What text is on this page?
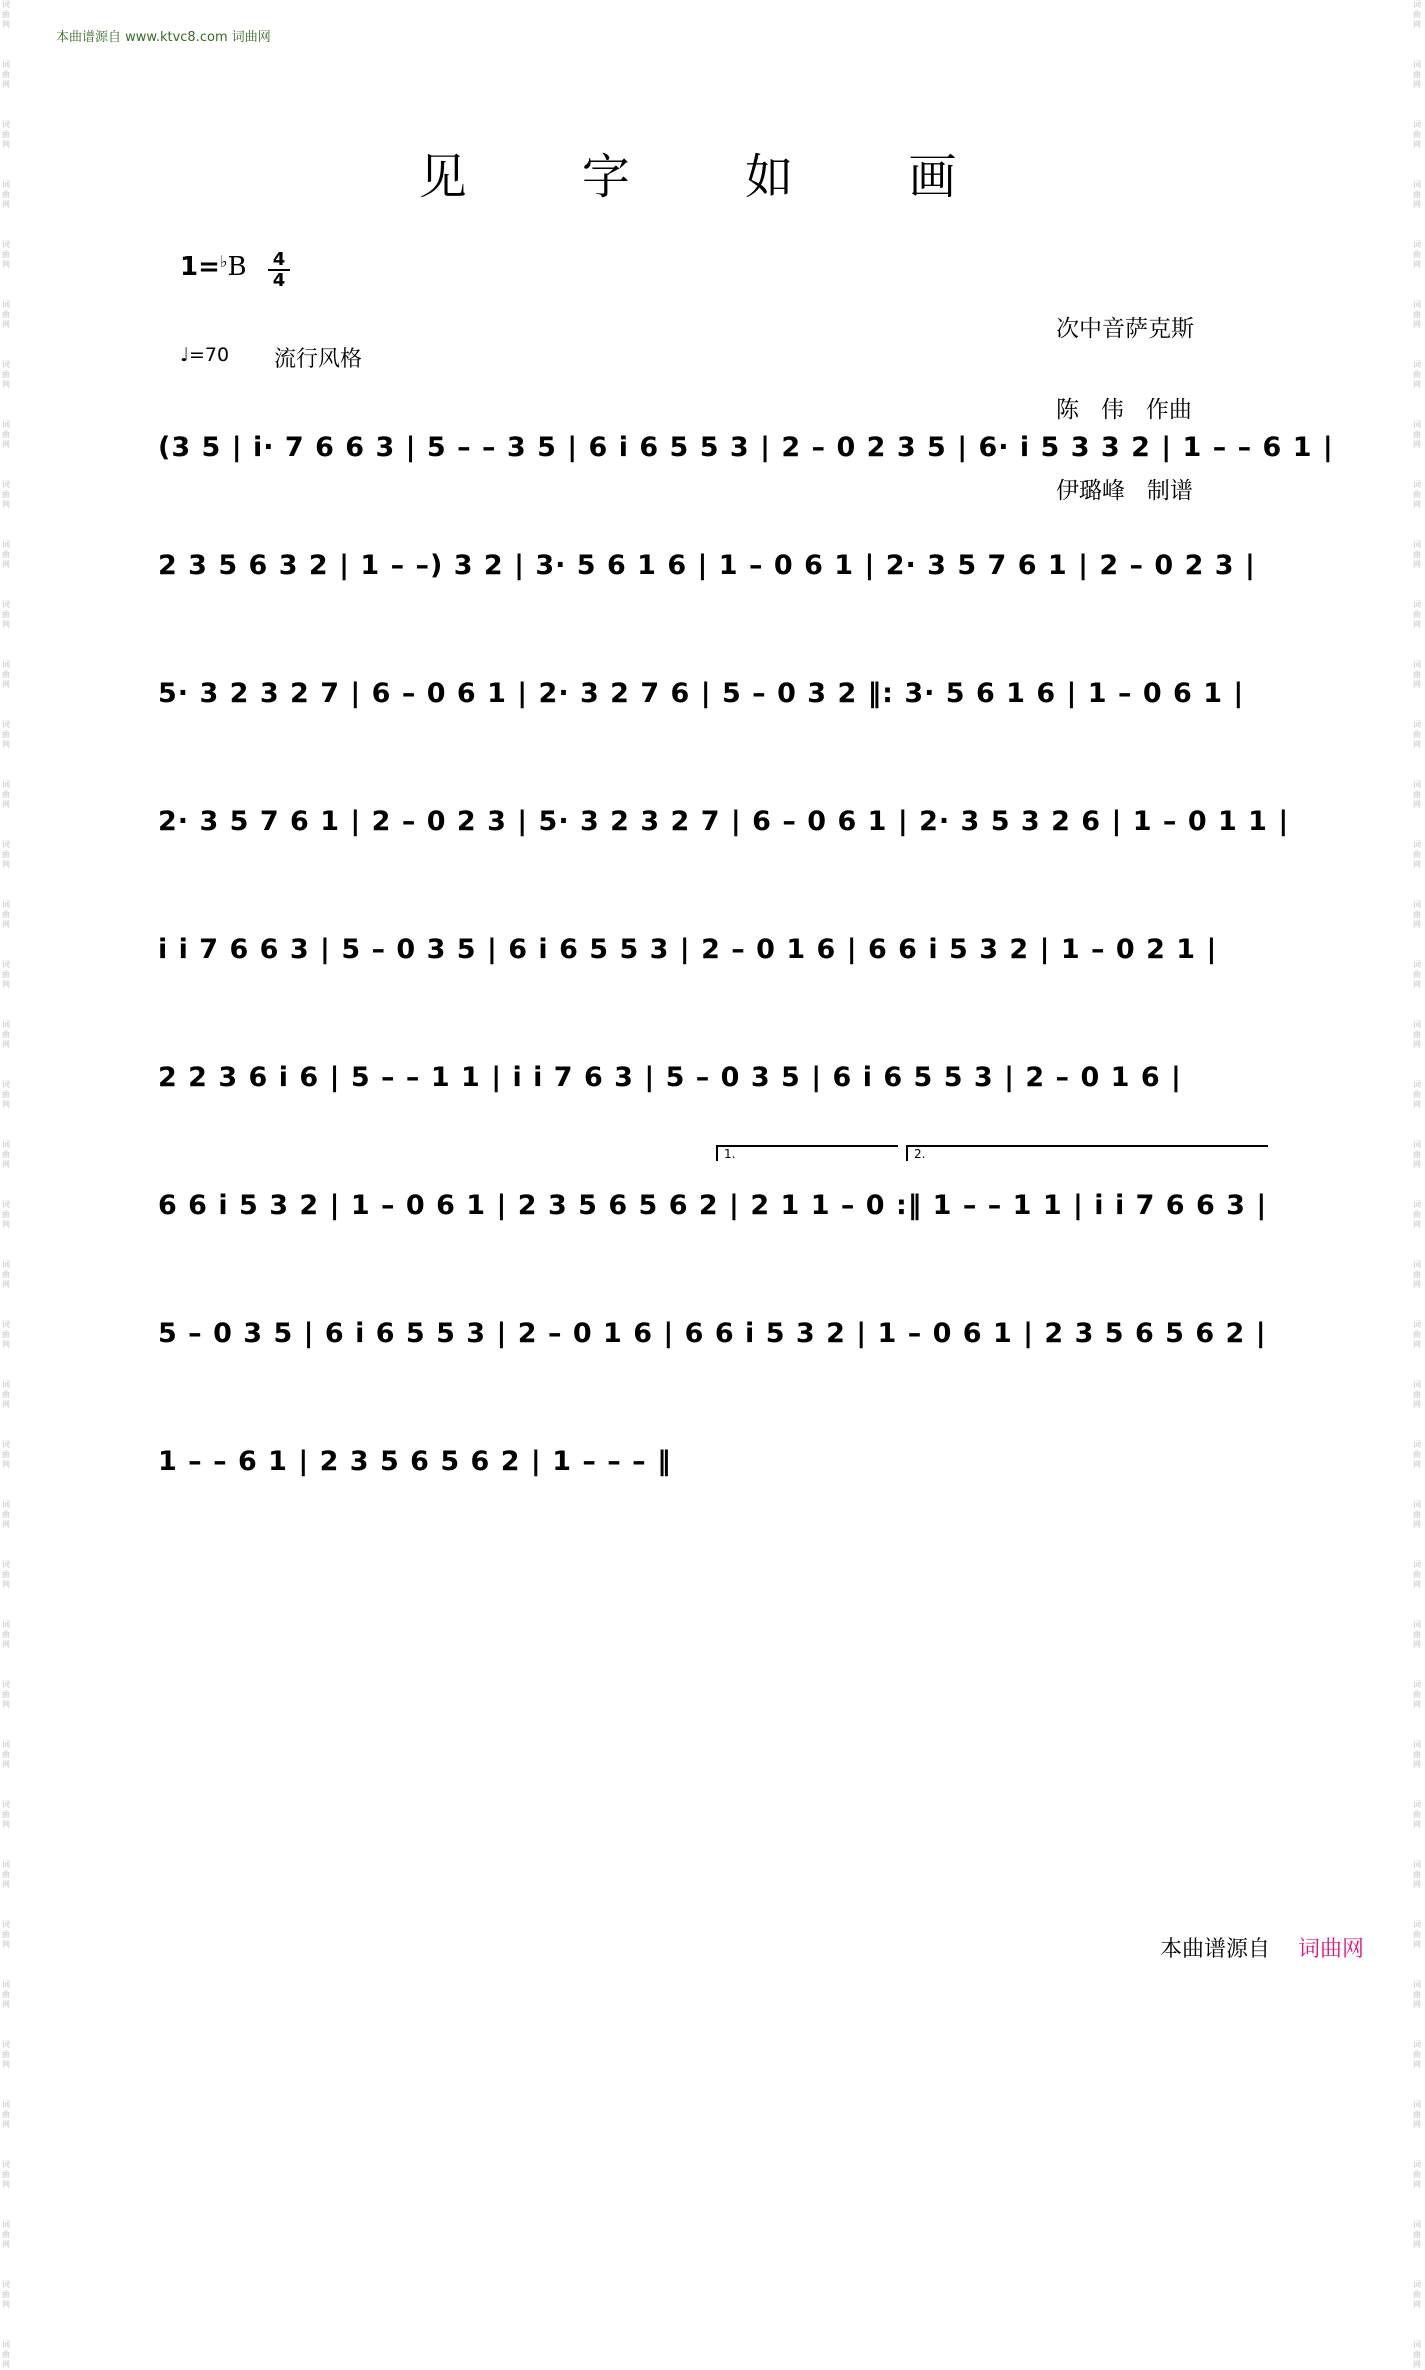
词曲网
词曲网
词曲网
词曲网
词曲网
词曲网
词曲网
词曲网
词曲网
词曲网
词曲网
词曲网
词曲网
词曲网
词曲网
词曲网
词曲网
词曲网
词曲网
词曲网
词曲网
词曲网
词曲网
词曲网
词曲网
词曲网
词曲网
词曲网
词曲网
词曲网
词曲网
词曲网
词曲网
词曲网
词曲网
词曲网
词曲网
词曲网
词曲网
词曲网
词曲网
词曲网
词曲网
词曲网
词曲网
词曲网
词曲网
词曲网
词曲网
词曲网
词曲网
词曲网
词曲网
词曲网
词曲网
词曲网
词曲网
词曲网
词曲网
词曲网
词曲网
词曲网
词曲网
词曲网
词曲网
词曲网
词曲网
词曲网
词曲网
词曲网
词曲网
词曲网
词曲网
词曲网
词曲网
词曲网
词曲网
词曲网
词曲网
词曲网
本曲谱源自 www.ktvc8.com 词曲网
见 字 如 画
1=♭B 4
4
♩=70 流行风格

次中音萨克斯

陈   伟   作曲

伊璐峰   制谱

(3 5 | i· 7 6 6 3 | 5 – – 3 5 | 6 i 6 5 5 3 | 2 – 0 2 3 5 | 6· i 5 3 3 2 | 1 – – 6 1 |
2 3 5 6 3 2 | 1 – –) 3 2 | 3· 5 6 1 6 | 1 – 0 6 1 | 2· 3 5 7 6 1 | 2 – 0 2 3 |
5· 3 2 3 2 7 | 6 – 0 6 1 | 2· 3 2 7 6 | 5 – 0 3 2 ‖: 3· 5 6 1 6 | 1 – 0 6 1 |
2· 3 5 7 6 1 | 2 – 0 2 3 | 5· 3 2 3 2 7 | 6 – 0 6 1 | 2· 3 5 3 2 6 | 1 – 0 1 1 |
i i 7 6 6 3 | 5 – 0 3 5 | 6 i 6 5 5 3 | 2 – 0 1 6 | 6 6 i 5 3 2 | 1 – 0 2 1 |
2 2 3 6 i 6 | 5 – – 1 1 | i i 7 6 3 | 5 – 0 3 5 | 6 i 6 5 5 3 | 2 – 0 1 6 |
1.	2.
6 6 i 5 3 2 | 1 – 0 6 1 | 2 3 5 6 5 6 2 | 2 1 1 – 0 :‖ 1 – – 1 1 | i i 7 6 6 3 |
5 – 0 3 5 | 6 i 6 5 5 3 | 2 – 0 1 6 | 6 6 i 5 3 2 | 1 – 0 6 1 | 2 3 5 6 5 6 2 |
1 – – 6 1 | 2 3 5 6 5 6 2 | 1 – – – ‖
本曲谱源自 词曲网
